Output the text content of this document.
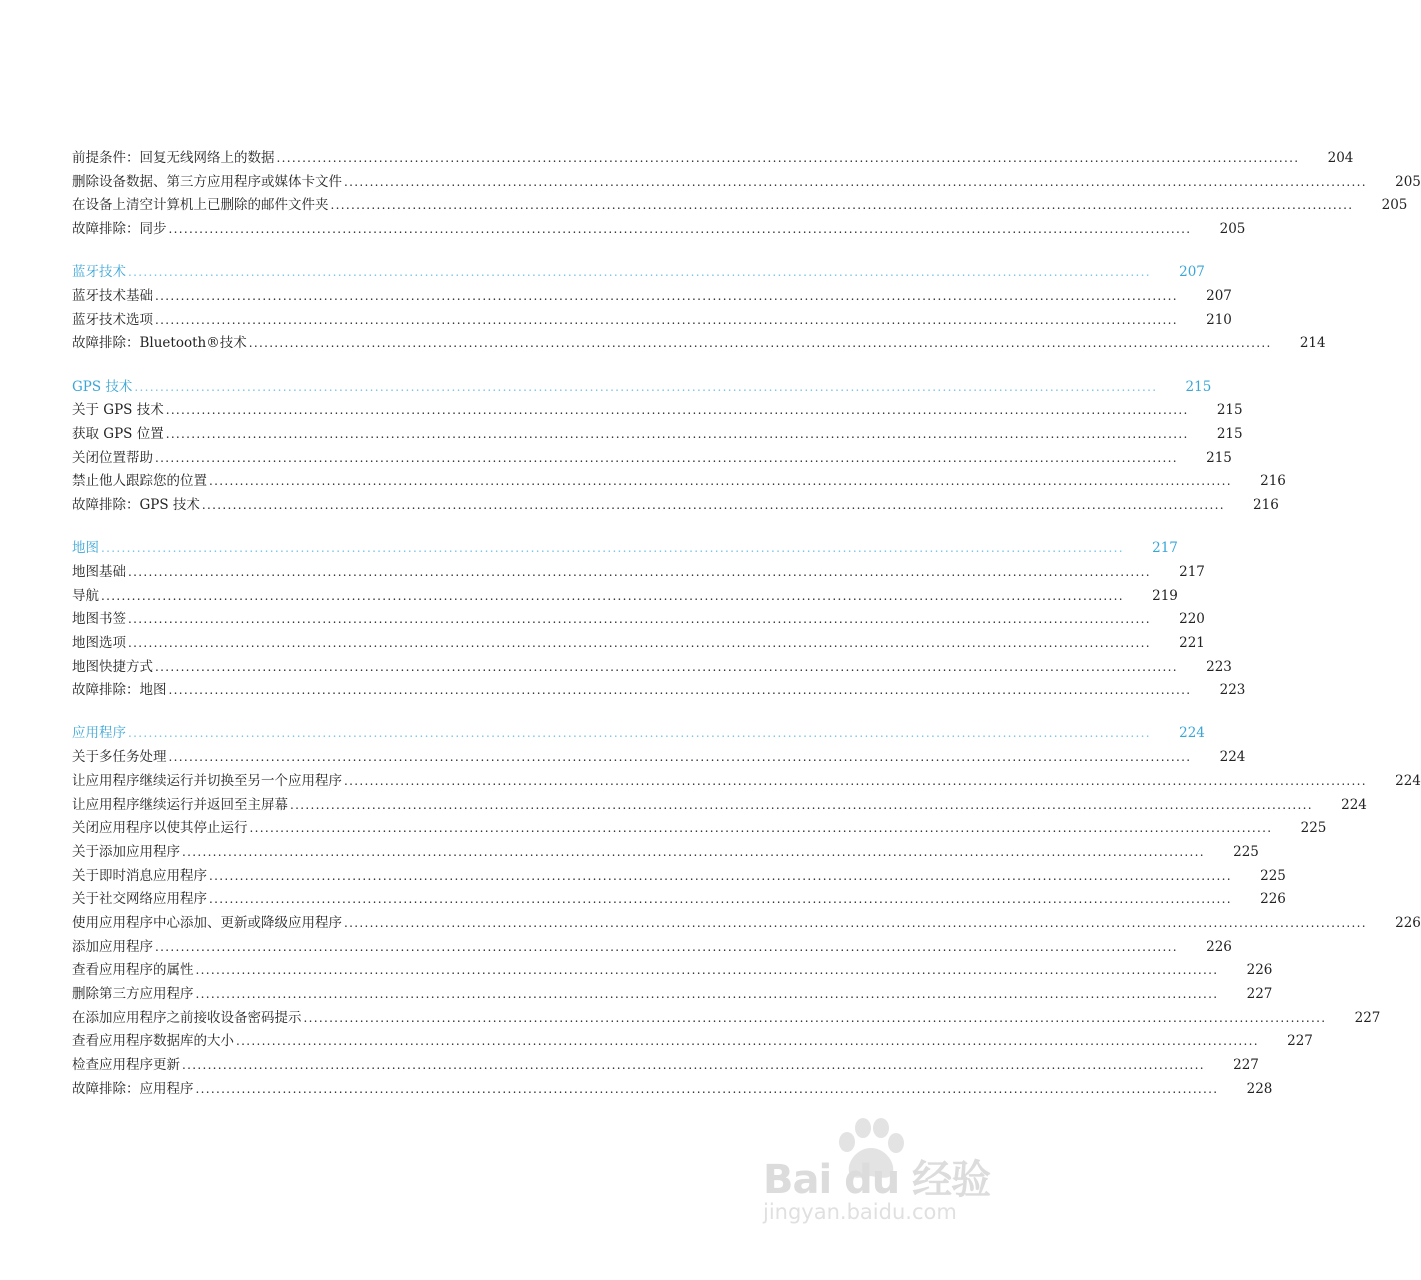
前提条件：回复无线网络上的数据 ........................................................................................................................................................................................................	204
删除设备数据、第三方应用程序或媒体卡文件 ........................................................................................................................................................................................................	205
在设备上清空计算机上已删除的邮件文件夹 ........................................................................................................................................................................................................	205
故障排除：同步 ........................................................................................................................................................................................................	205
蓝牙技术 ........................................................................................................................................................................................................	207
蓝牙技术基础 ........................................................................................................................................................................................................	207
蓝牙技术选项 ........................................................................................................................................................................................................	210
故障排除：Bluetooth®技术 ........................................................................................................................................................................................................	214
GPS 技术 ........................................................................................................................................................................................................	215
关于 GPS 技术 ........................................................................................................................................................................................................	215
获取 GPS 位置 ........................................................................................................................................................................................................	215
关闭位置帮助 ........................................................................................................................................................................................................	215
禁止他人跟踪您的位置 ........................................................................................................................................................................................................	216
故障排除：GPS 技术 ........................................................................................................................................................................................................	216
地图 ........................................................................................................................................................................................................	217
地图基础 ........................................................................................................................................................................................................	217
导航 ........................................................................................................................................................................................................	219
地图书签 ........................................................................................................................................................................................................	220
地图选项 ........................................................................................................................................................................................................	221
地图快捷方式 ........................................................................................................................................................................................................	223
故障排除：地图 ........................................................................................................................................................................................................	223
应用程序 ........................................................................................................................................................................................................	224
关于多任务处理 ........................................................................................................................................................................................................	224
让应用程序继续运行并切换至另一个应用程序 ........................................................................................................................................................................................................	224
让应用程序继续运行并返回至主屏幕 ........................................................................................................................................................................................................	224
关闭应用程序以使其停止运行 ........................................................................................................................................................................................................	225
关于添加应用程序 ........................................................................................................................................................................................................	225
关于即时消息应用程序 ........................................................................................................................................................................................................	225
关于社交网络应用程序 ........................................................................................................................................................................................................	226
使用应用程序中心添加、更新或降级应用程序 ........................................................................................................................................................................................................	226
添加应用程序 ........................................................................................................................................................................................................	226
查看应用程序的属性 ........................................................................................................................................................................................................	226
删除第三方应用程序 ........................................................................................................................................................................................................	227
在添加应用程序之前接收设备密码提示 ........................................................................................................................................................................................................	227
查看应用程序数据库的大小 ........................................................................................................................................................................................................	227
检查应用程序更新 ........................................................................................................................................................................................................	227
故障排除：应用程序 ........................................................................................................................................................................................................	228
Bai du 经验
jingyan.baidu.com
